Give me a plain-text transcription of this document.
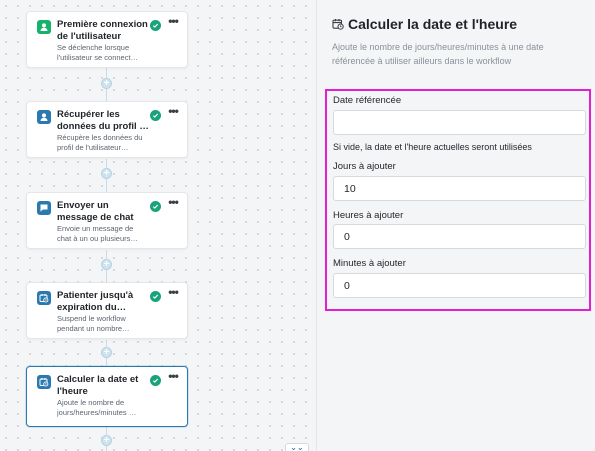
+
+
+
+
+
Première connexion de l'utilisateur
Se déclenche lorsque l'utilisateur se connect…
•••
Récupérer les données du profil …
Récupère les données du profil de l'utilisateur…
•••
Envoyer un message de chat
Envoie un message de chat à un ou plusieurs…
•••
Patienter jusqu'à expiration du
Suspend le workflow pendant un nombre…
•••
Calculer la date et l'heure
Ajoute le nombre de jours/heures/minutes …
•••
⌄⌄
Calculer la date et l'heure
Ajoute le nombre de jours/heures/minutes à une date référencée à utiliser ailleurs dans le workflow
Date référencée
Si vide, la date et l'heure actuelles seront utilisées
Jours à ajouter
10
Heures à ajouter
0
Minutes à ajouter
0
